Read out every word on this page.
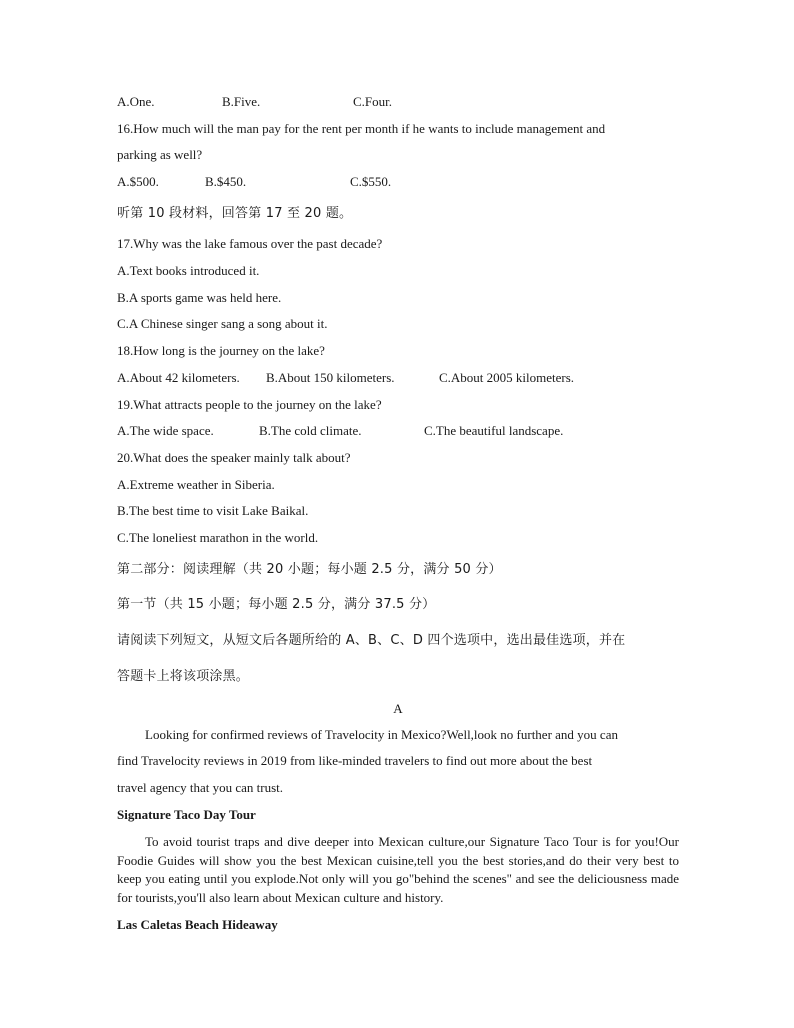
A.One.	B.Five.	C.Four.
16.How much will the man pay for the rent per month if he wants to include management and
parking as well?
A.$500.	B.$450.	C.$550.
听第 10 段材料，回答第 17 至 20 题。
17.Why was the lake famous over the past decade?
A.Text books introduced it.
B.A sports game was held here.
C.A Chinese singer sang a song about it.
18.How long is the journey on the lake?
A.About 42 kilometers. B.About 150 kilometers.	C.About 2005 kilometers.
19.What attracts people to the journey on the lake?
A.The wide space.	B.The cold climate.	C.The beautiful landscape.
20.What does the speaker mainly talk about?
A.Extreme weather in Siberia.
B.The best time to visit Lake Baikal.
C.The loneliest marathon in the world.
第二部分：阅读理解（共 20 小题；每小题 2.5 分，满分 50 分）
第一节（共 15 小题；每小题 2.5 分，满分 37.5 分）
请阅读下列短文，从短文后各题所给的 A、B、C、D 四个选项中，选出最佳选项，并在
答题卡上将该项涂黑。
A
Looking for confirmed reviews of Travelocity in Mexico?Well,look no further and you can
find Travelocity reviews in 2019 from like-minded travelers to find out more about the best
travel agency that you can trust.
Signature Taco Day Tour
To avoid tourist traps and dive deeper into Mexican culture,our Signature Taco Tour is for you!Our Foodie Guides will show you the best Mexican cuisine,tell you the best stories,and do their very best to keep you eating until you explode.Not only will you go"behind the scenes" and see the deliciousness made for tourists,you'll also learn about Mexican culture and history.
Las Caletas Beach Hideaway
